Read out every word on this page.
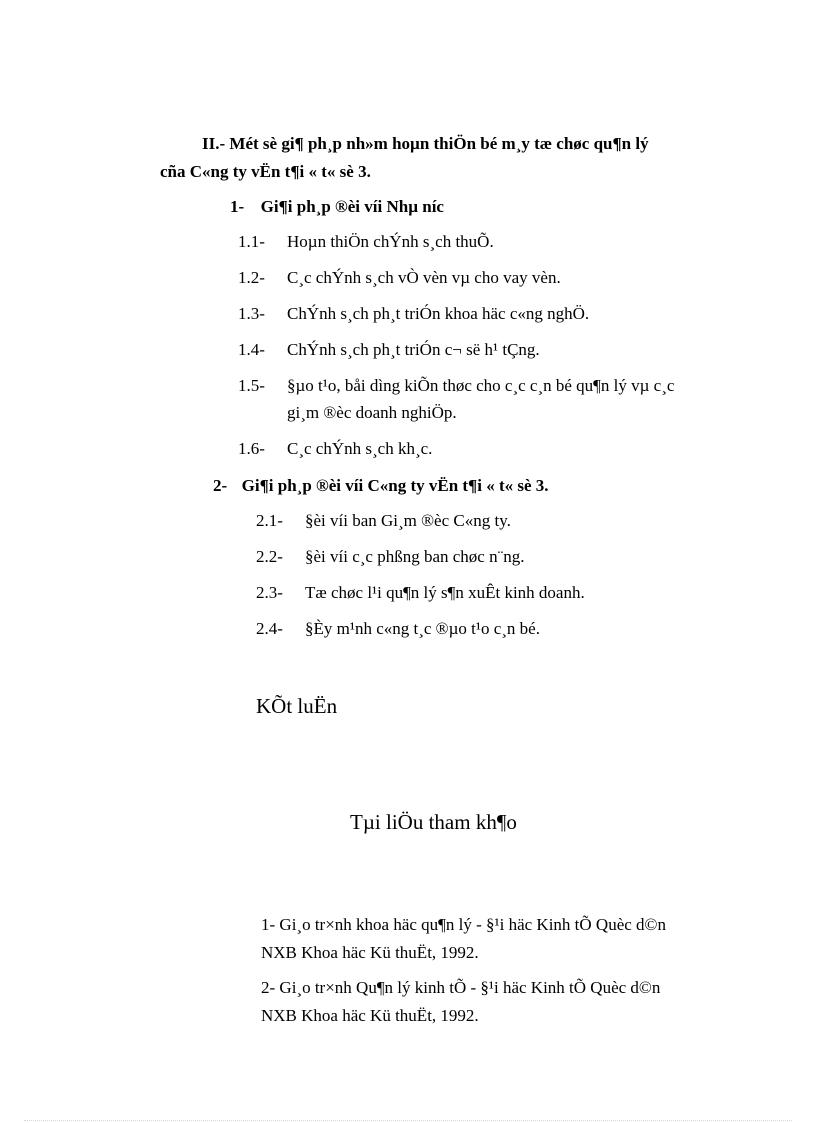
II.- Mét sè gi¶ ph¸p nh»m hoµn thiÖn bé m¸y tæ chøc qu¶n lý
cña C«ng ty vËn t¶i « t« sè 3.
1- Gi¶i ph¸p ®èi víi Nhµ níc
1.1- Hoµn thiÖn chÝnh s¸ch thuÕ.
1.2- C¸c chÝnh s¸ch vÒ vèn vµ cho vay vèn.
1.3- ChÝnh s¸ch ph¸t triÓn khoa häc c«ng nghÖ.
1.4- ChÝnh s¸ch ph¸t triÓn c¬ së h¹ tÇng.
1.5- §µo t¹o, båi dìng kiÕn thøc cho c¸c c¸n bé qu¶n lý vµ c¸c
gi¸m ®èc doanh nghiÖp.
1.6- C¸c chÝnh s¸ch kh¸c.
2- Gi¶i ph¸p ®èi víi C«ng ty vËn t¶i « t« sè 3.
2.1- §èi víi ban Gi¸m ®èc C«ng ty.
2.2- §èi víi c¸c phßng ban chøc n¨ng.
2.3- Tæ chøc l¹i qu¶n lý s¶n xuÊt kinh doanh.
2.4- §Èy m¹nh c«ng t¸c ®µo t¹o c¸n bé.
KÕt luËn
Tµi liÖu tham kh¶o
1- Gi¸o tr×nh khoa häc qu¶n lý - §¹i häc Kinh tÕ Quèc d©n
NXB Khoa häc Kü thuËt, 1992.
2- Gi¸o tr×nh Qu¶n lý kinh tÕ - §¹i häc Kinh tÕ Quèc d©n
NXB Khoa häc Kü thuËt, 1992.
